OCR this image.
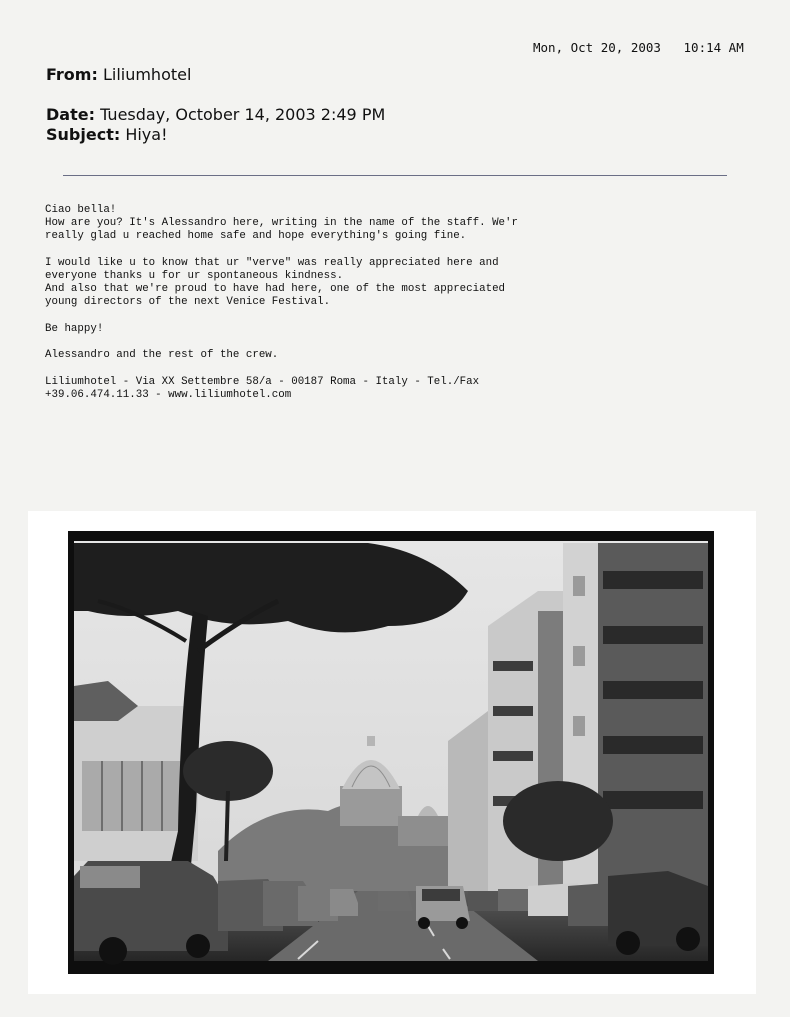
Mon, Oct 20, 2003   10:14 AM
From: Liliumhotel
Date: Tuesday, October 14, 2003 2:49 PM
Subject: Hiya!
Ciao bella!
How are you? It's Alessandro here, writing in the name of the staff. We'r
really glad u reached home safe and hope everything's going fine.
I would like u to know that ur "verve" was really appreciated here and
everyone thanks u for ur spontaneous kindness.
And also that we're proud to have had here, one of the most appreciated
young directors of the next Venice Festival.
Be happy!
Alessandro and the rest of the crew.
Liliumhotel - Via XX Settembre 58/a - 00187 Roma - Italy - Tel./Fax
+39.06.474.11.33 - www.liliumhotel.com
